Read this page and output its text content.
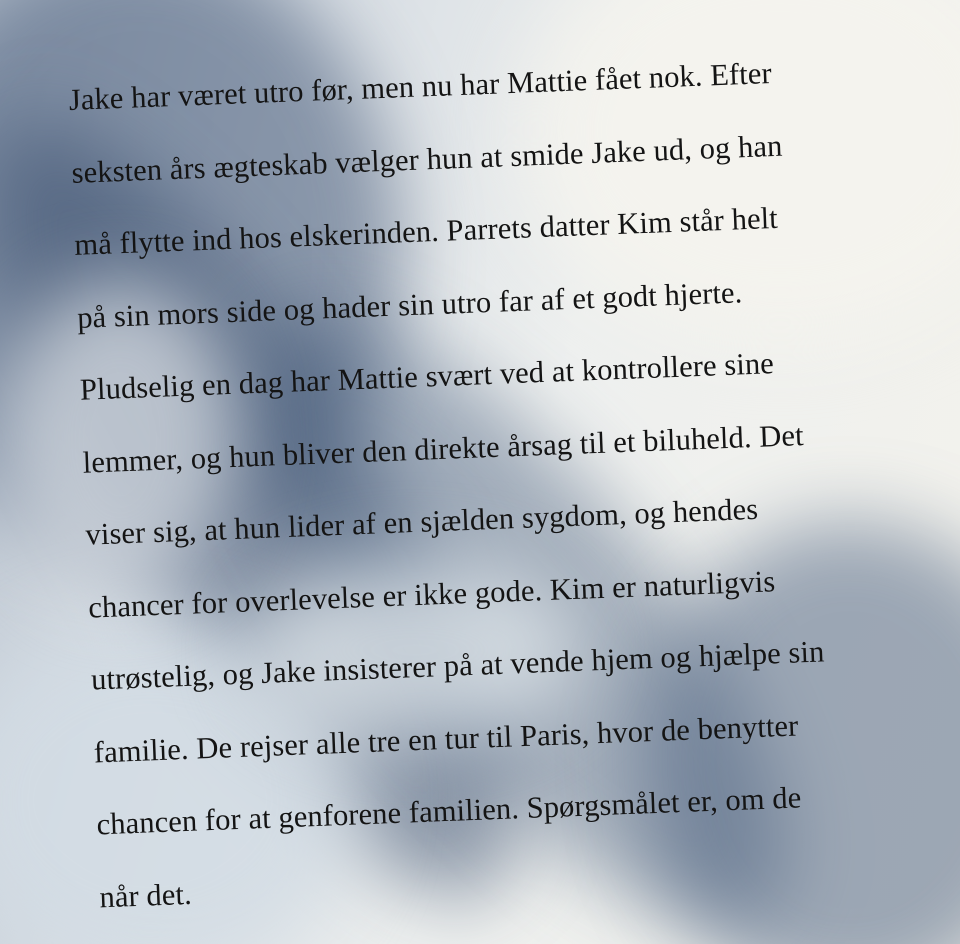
Jake har været utro før, men nu har Mattie fået nok. Efter
seksten års ægteskab vælger hun at smide Jake ud, og han
må flytte ind hos elskerinden. Parrets datter Kim står helt
på sin mors side og hader sin utro far af et godt hjerte.
Pludselig en dag har Mattie svært ved at kontrollere sine
lemmer, og hun bliver den direkte årsag til et biluheld. Det
viser sig, at hun lider af en sjælden sygdom, og hendes
chancer for overlevelse er ikke gode. Kim er naturligvis
utrøstelig, og Jake insisterer på at vende hjem og hjælpe sin
familie. De rejser alle tre en tur til Paris, hvor de benytter
chancen for at genforene familien. Spørgsmålet er, om de
når det.
